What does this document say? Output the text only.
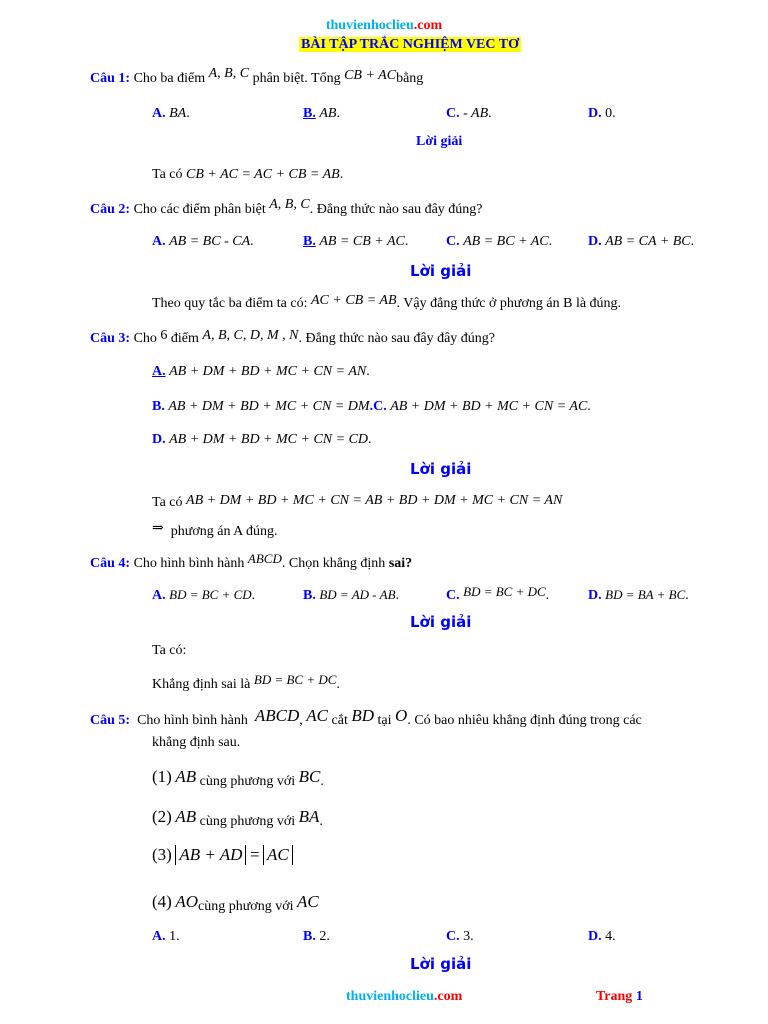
thuvienhoclieu.com
BÀI TẬP TRẮC NGHIỆM VEC TƠ
Câu 1: Cho ba điểm A, B, C phân biệt. Tổng CB + ACbằng
A. BA.	B. AB.	C. - AB.	D. 0.
Lời giải
Ta có CB + AC = AC + CB = AB.
Câu 2: Cho các điểm phân biệt A, B, C. Đẳng thức nào sau đây đúng?
A. AB = BC - CA.	B. AB = CB + AC.	C. AB = BC + AC.	D. AB = CA + BC.
Lời giải
Theo quy tắc ba điểm ta có: AC + CB = AB. Vậy đẳng thức ở phương án B là đúng.
Câu 3: Cho 6 điểm A, B, C, D, M , N. Đẳng thức nào sau đây đây đúng?
A. AB + DM + BD + MC + CN = AN.
B. AB + DM + BD + MC + CN = DM.C. AB + DM + BD + MC + CN = AC.
D. AB + DM + BD + MC + CN = CD.
Lời giải
Ta có AB + DM + BD + MC + CN = AB + BD + DM + MC + CN = AN
⇒ phương án A đúng.
Câu 4: Cho hình bình hành ABCD. Chọn khẳng định sai?
A. BD = BC + CD.	B. BD = AD - AB.	C. BD = BC + DC.	D. BD = BA + BC.
Lời giải
Ta có:
Khẳng định sai là BD = BC + DC.
Câu 5: Cho hình bình hành ABCD, AC cắt BD tại O. Có bao nhiêu khẳng định đúng trong các
khẳng định sau.
(1) AB cùng phương với BC.
(2) AB cùng phương với BA.
(3) AB + AD = AC
(4) AOcùng phương với AC
A. 1.	B. 2.	C. 3.	D. 4.
Lời giải
thuvienhoclieu.com	Trang 1
